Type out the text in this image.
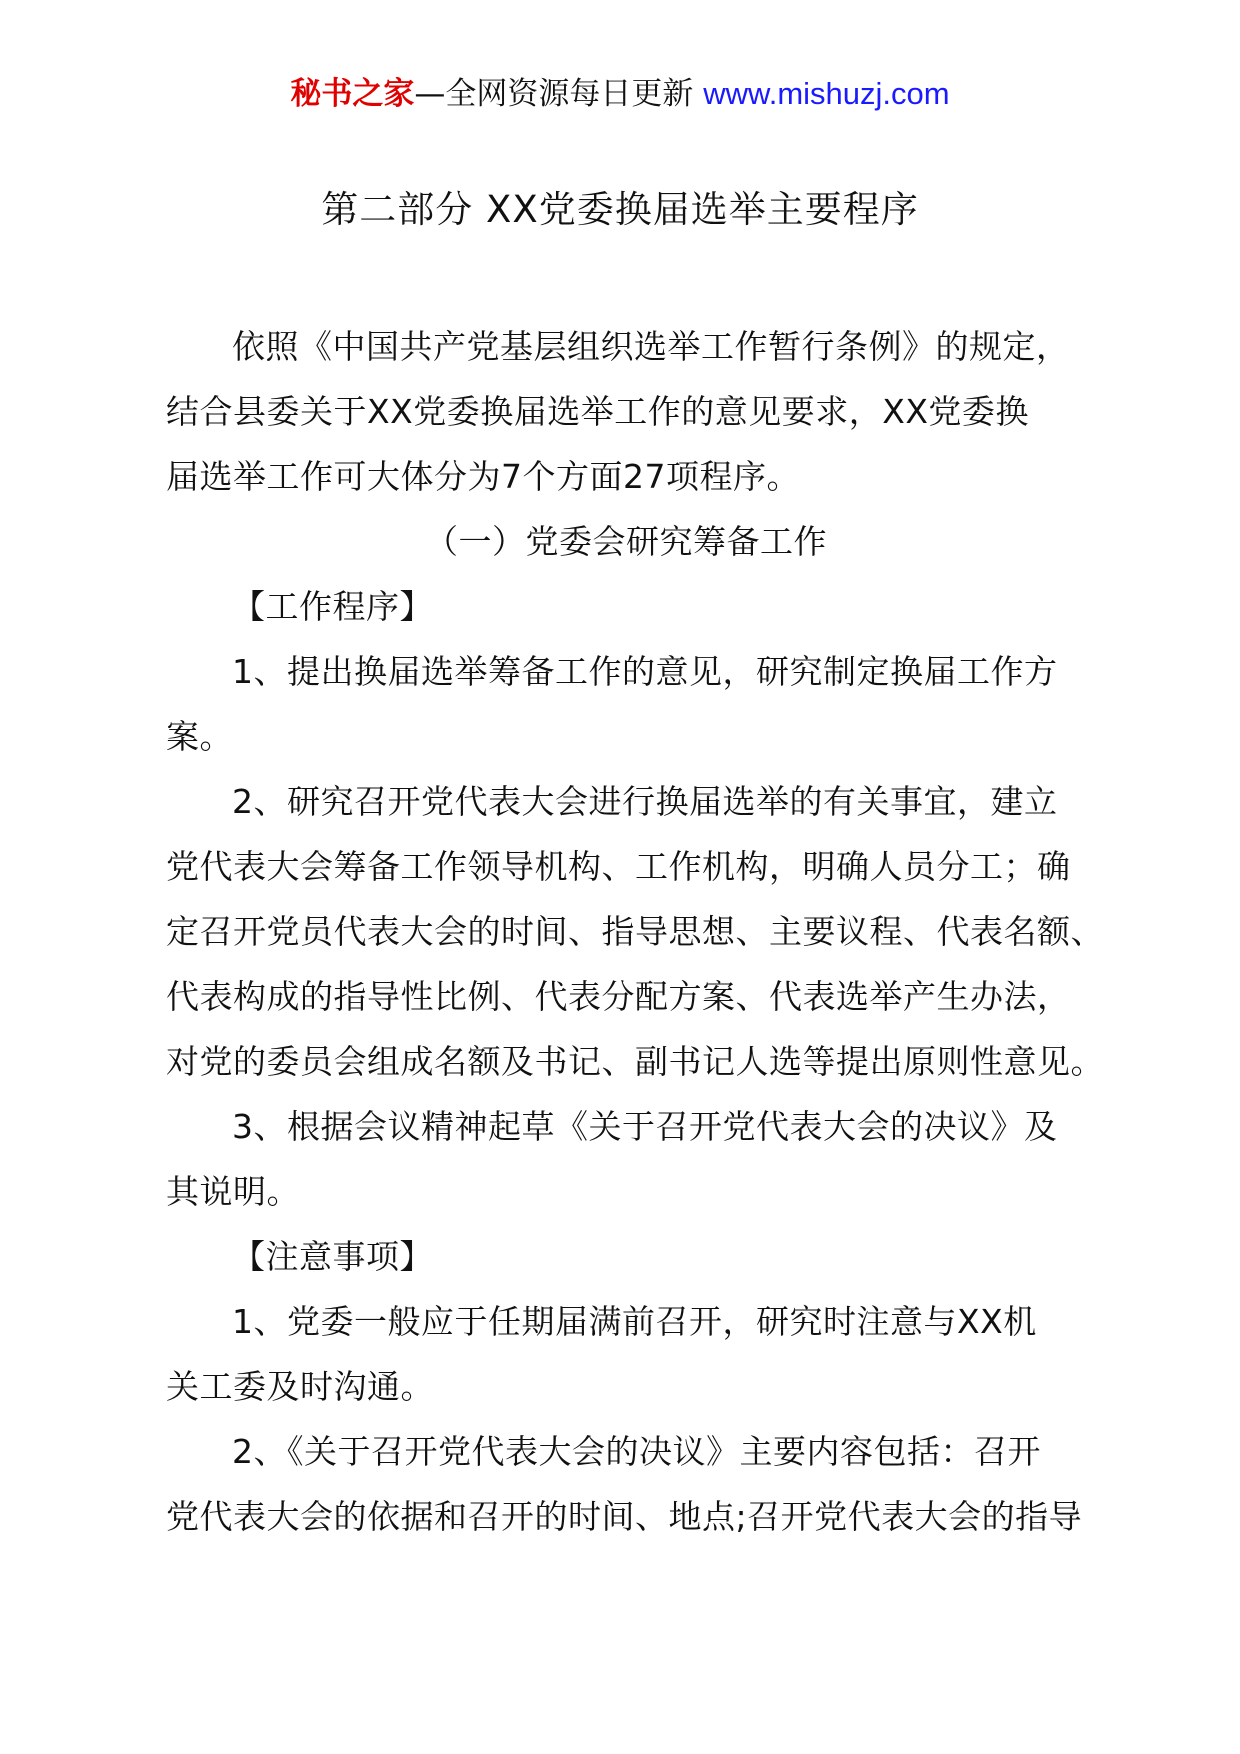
秘书之家—全网资源每日更新 www.mishuzj.com
第二部分 XX党委换届选举主要程序
依照《中国共产党基层组织选举工作暂行条例》的规定，
结合县委关于XX党委换届选举工作的意见要求，XX党委换
届选举工作可大体分为7个方面27项程序。
（一）党委会研究筹备工作
【工作程序】
1、提出换届选举筹备工作的意见，研究制定换届工作方
案。
2、研究召开党代表大会进行换届选举的有关事宜，建立
党代表大会筹备工作领导机构、工作机构，明确人员分工；确
定召开党员代表大会的时间、指导思想、主要议程、代表名额、
代表构成的指导性比例、代表分配方案、代表选举产生办法，
对党的委员会组成名额及书记、副书记人选等提出原则性意见。
3、根据会议精神起草《关于召开党代表大会的决议》及
其说明。
【注意事项】
1、党委一般应于任期届满前召开，研究时注意与XX机
关工委及时沟通。
2、《关于召开党代表大会的决议》主要内容包括：召开
党代表大会的依据和召开的时间、地点;召开党代表大会的指导
